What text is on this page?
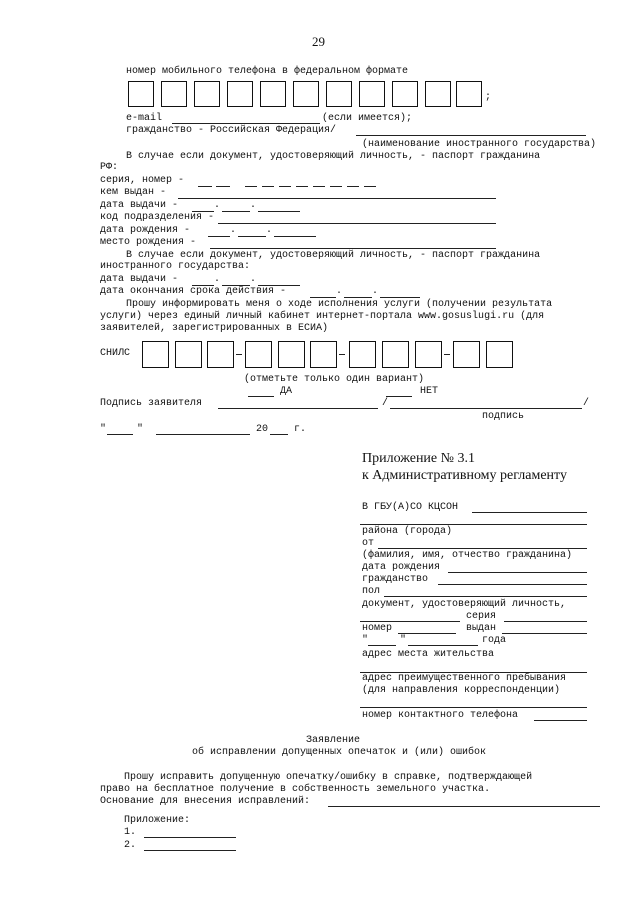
29
номер мобильного телефона в федеральном формате
;
e-mail	(если имеется);
гражданство - Российская Федерация/
(наименование иностранного государства)
В случае если документ, удостоверяющий личность, - паспорт гражданина
РФ:
серия, номер -
кем выдан -
дата выдачи -	.	.
код подразделения -
дата рождения -	.	.
место рождения -
В случае если документ, удостоверяющий личность, - паспорт гражданина
иностранного государства:
дата выдачи -	.	.
дата окончания срока действия -	.	.
Прошу информировать меня о ходе исполнения услуги (получении результата
услуги) через единый личный кабинет интернет-портала www.gosuslugi.ru (для
заявителей, зарегистрированных в ЕСИА)
СНИЛС
(отметьте только один вариант)
ДА	НЕТ
Подпись заявителя	/	/
подпись
"	"	20	г.
Приложение № 3.1
к Административному регламенту
В ГБУ(А)СО КЦСОН
района (города)
от
(фамилия, имя, отчество гражданина)
дата рождения
гражданство
пол
документ, удостоверяющий личность,
серия
номер	выдан
"	"	года
адрес места жительства
адрес преимущественного пребывания
(для направления корреспонденции)
номер контактного телефона
Заявление
об исправлении допущенных опечаток и (или) ошибок
Прошу исправить допущенную опечатку/ошибку в справке, подтверждающей
право на бесплатное получение в собственность земельного участка.
Основание для внесения исправлений:
Приложение:
1.
2.
